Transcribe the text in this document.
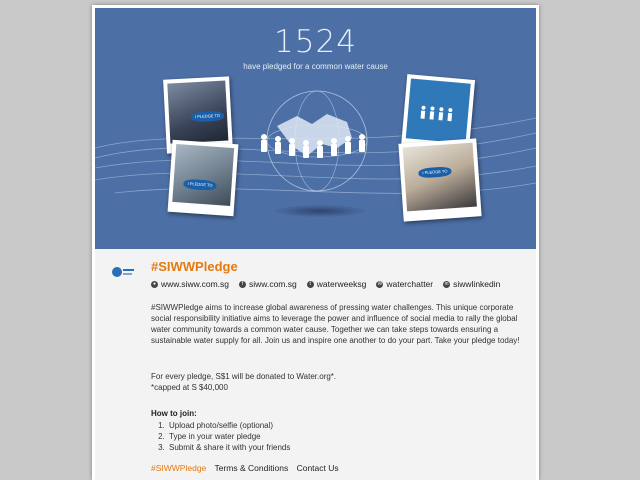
1524
have pledged for a common water cause
I PLEDGE TO
I PLEDGE TO
I PLEDGE TO
#SIWWPledge
● www.siww.com.sg	f siww.com.sg	t waterweeksg W waterchatter	in siwwlinkedin
#SIWWPledge aims to increase global awareness of pressing water challenges. This unique corporate social responsibility initiative aims to leverage the power and influence of social media to rally the global water community towards a common water cause. Together we can take steps towards ensuring a sustainable water supply for all. Join us and inspire one another to do your part. Take your pledge today!
For every pledge, S$1 will be donated to Water.org*.
*capped at S $40,000
How to join:
1. Upload photo/selfie (optional)
2. Type in your water pledge
3. Submit & share it with your friends
#SIWWPledge Terms & Conditions Contact Us
